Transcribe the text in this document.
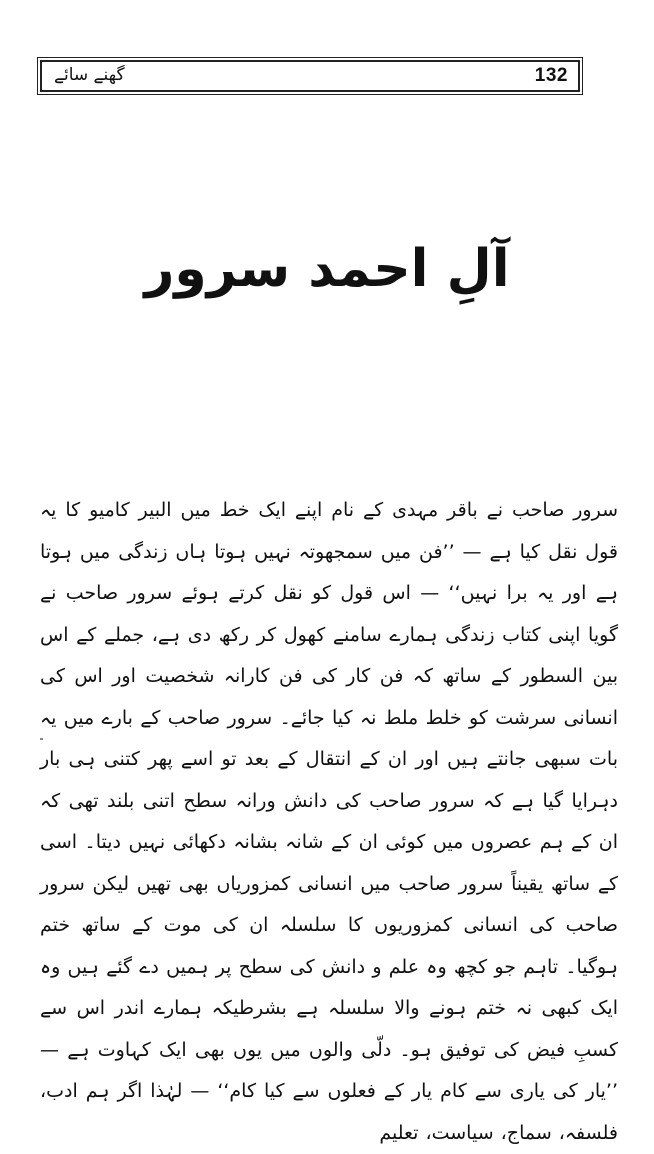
132
گھنے سائے
آلِ احمد سرور

سرور صاحب نے باقر مہدی کے نام اپنے ایک خط میں البیر کامیو کا یہ قول نقل کیا ہے — ’’فن میں سمجھوتہ نہیں ہوتا ہاں زندگی میں ہوتا ہے اور یہ برا نہیں‘‘ — اس قول کو نقل کرتے ہوئے سرور صاحب نے گویا اپنی کتاب زندگی ہمارے سامنے کھول کر رکھ دی ہے، جملے کے اس بین السطور کے ساتھ کہ فن کار کی فن کارانہ شخصیت اور اس کی انسانی سرشت کو خلط ملط نہ کیا جائے۔ سرور صاحب کے بارے میں یہ بات سبھی جانتے ہیں اور ان کے انتقال کے بعد تو اسے پھر کتنی ہی بار دہرایا گیا ہے کہ سرور صاحب کی دانش ورانہ سطح اتنی بلند تھی کہ ان کے ہم عصروں میں کوئی ان کے شانہ بشانہ دکھائی نہیں دیتا۔ اسی کے ساتھ یقیناً سرور صاحب میں انسانی کمزوریاں بھی تھیں لیکن سرور صاحب کی انسانی کمزوریوں کا سلسلہ ان کی موت کے ساتھ ختم ہوگیا۔ تاہم جو کچھ وہ علم و دانش کی سطح پر ہمیں دے گئے ہیں وہ ایک کبھی نہ ختم ہونے والا سلسلہ ہے بشرطیکہ ہمارے اندر اس سے کسبِ فیض کی توفیق ہو۔ دلّی والوں میں یوں بھی ایک کہاوت ہے — ’’یار کی یاری سے کام یار کے فعلوں سے کیا کام‘‘ — لہٰذا اگر ہم ادب، فلسفہ، سماج، سیاست، تعلیم
